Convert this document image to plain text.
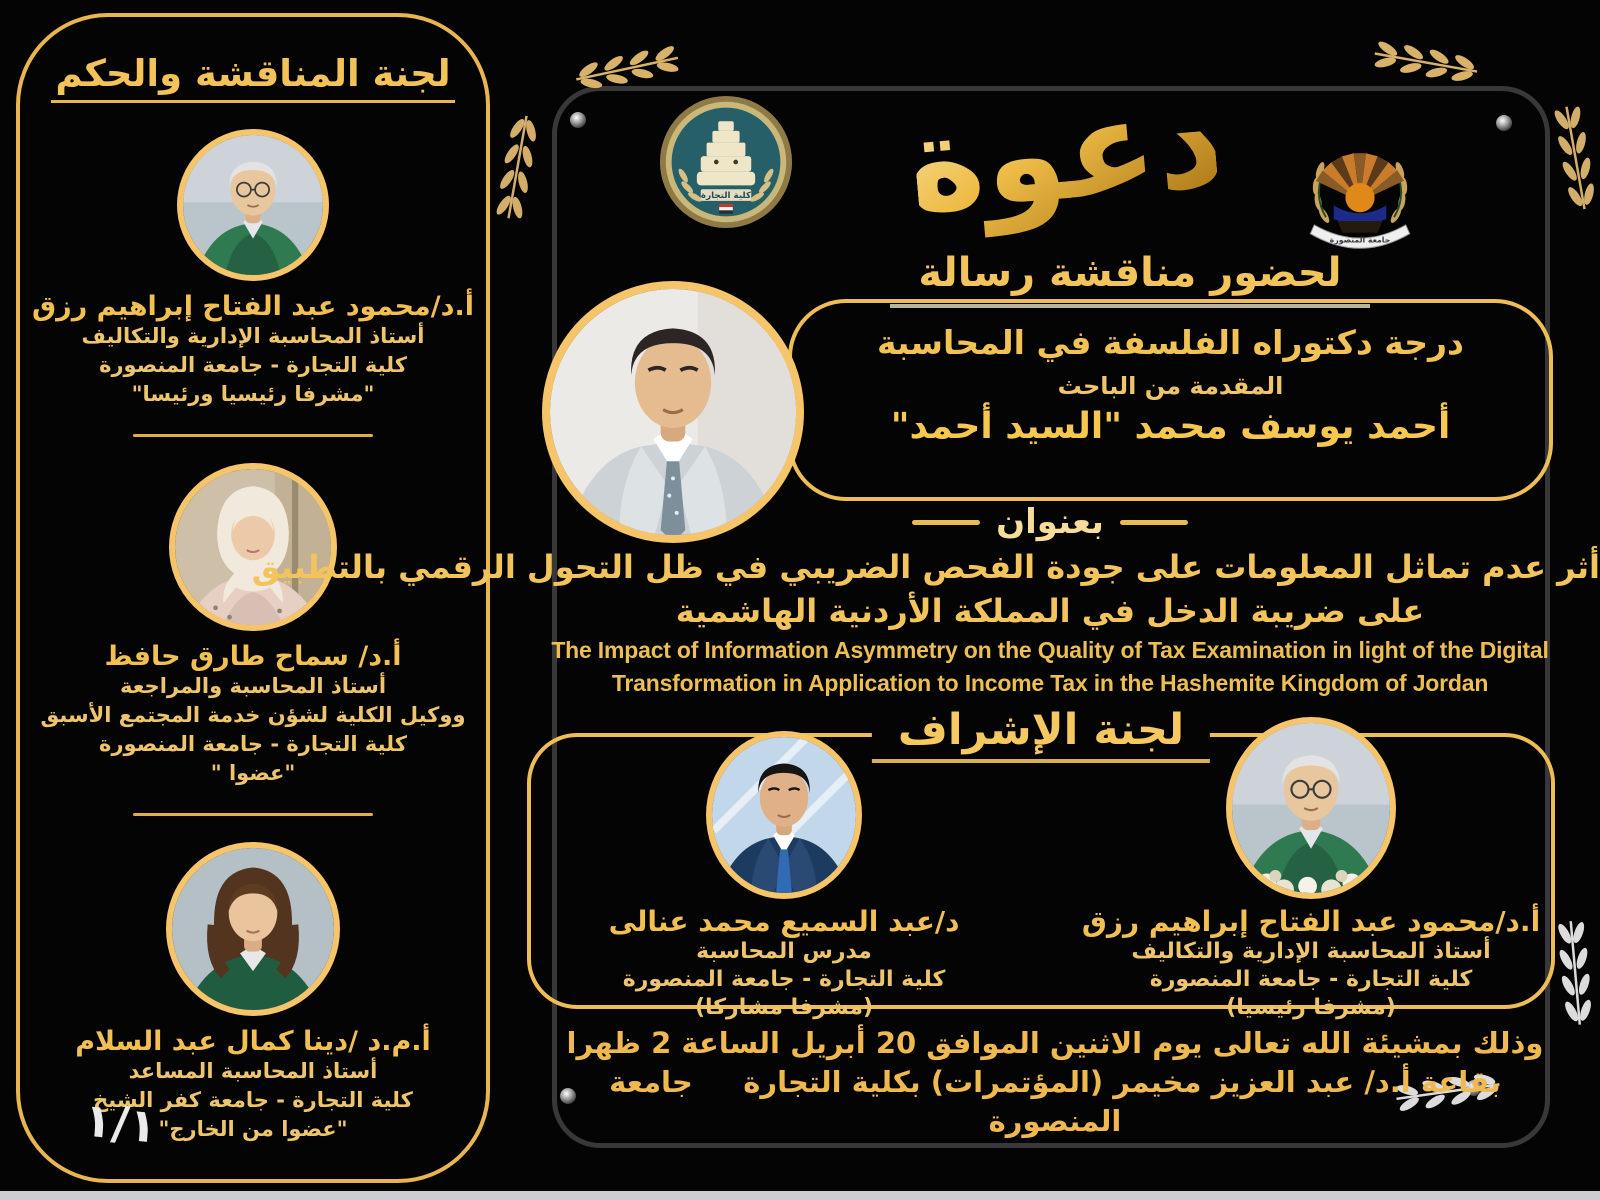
لجنة المناقشة والحكم
أ.د/محمود عبد الفتاح إبراهيم رزق
أستاذ المحاسبة الإدارية والتكاليف
كلية التجارة - جامعة المنصورة
"مشرفا رئيسيا ورئيسا"
أ.د/ سماح طارق حافظ
أستاذ المحاسبة والمراجعة
ووكيل الكلية لشؤن خدمة المجتمع الأسبق
كلية التجارة - جامعة المنصورة
"عضوا "
أ.م.د /دينا كمال عبد السلام
أستاذ المحاسبة المساعد
كلية التجارة - جامعة كفر الشيخ
"عضوا من الخارج"
١/١
كلية التجارة دعوة	جامعة المنصورة
لحضور مناقشة رسالة
درجة دكتوراه الفلسفة في المحاسبة
المقدمة من الباحث
أحمد يوسف محمد "السيد أحمد"
بعنوان
أثر عدم تماثل المعلومات على جودة الفحص الضريبي في ظل التحول الرقمي بالتطبيق
على ضريبة الدخل في المملكة الأردنية الهاشمية
The Impact of Information Asymmetry on the Quality of Tax Examination in light of the Digital
Transformation in Application to Income Tax in the Hashemite Kingdom of Jordan
لجنة الإشراف
أ.د/محمود عبد الفتاح إبراهيم رزق
أستاذ المحاسبة الإدارية والتكاليف
كلية التجارة - جامعة المنصورة
(مشرفا رئيسيا)
د/عبد السميع محمد عنالى
مدرس المحاسبة
كلية التجارة - جامعة المنصورة
(مشرفا مشاركا)
وذلك بمشيئة الله تعالى يوم الاثنين الموافق 20 أبريل الساعة 2 ظهرا
بقاعة أ.د/ عبد العزيز مخيمر (المؤتمرات) بكلية التجارة     جامعة المنصورة
